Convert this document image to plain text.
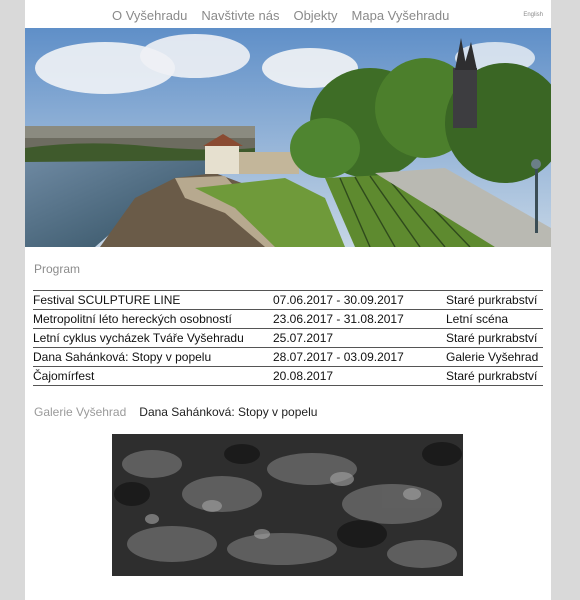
O Vyšehradu Navštivte nás Objekty Mapa Vyšehradu	English
Program
Festival SCULPTURE LINE	07.06.2017 - 30.09.2017	Staré purkrabství
Metropolitní léto hereckých osobností	23.06.2017 - 31.08.2017	Letní scéna
Letní cyklus vycházek Tváře Vyšehradu	25.07.2017	Staré purkrabství
Dana Sahánková: Stopy v popelu	28.07.2017 - 03.09.2017	Galerie Vyšehrad
Čajomírfest	20.08.2017	Staré purkrabství
Galerie Vyšehrad Dana Sahánková: Stopy v popelu
